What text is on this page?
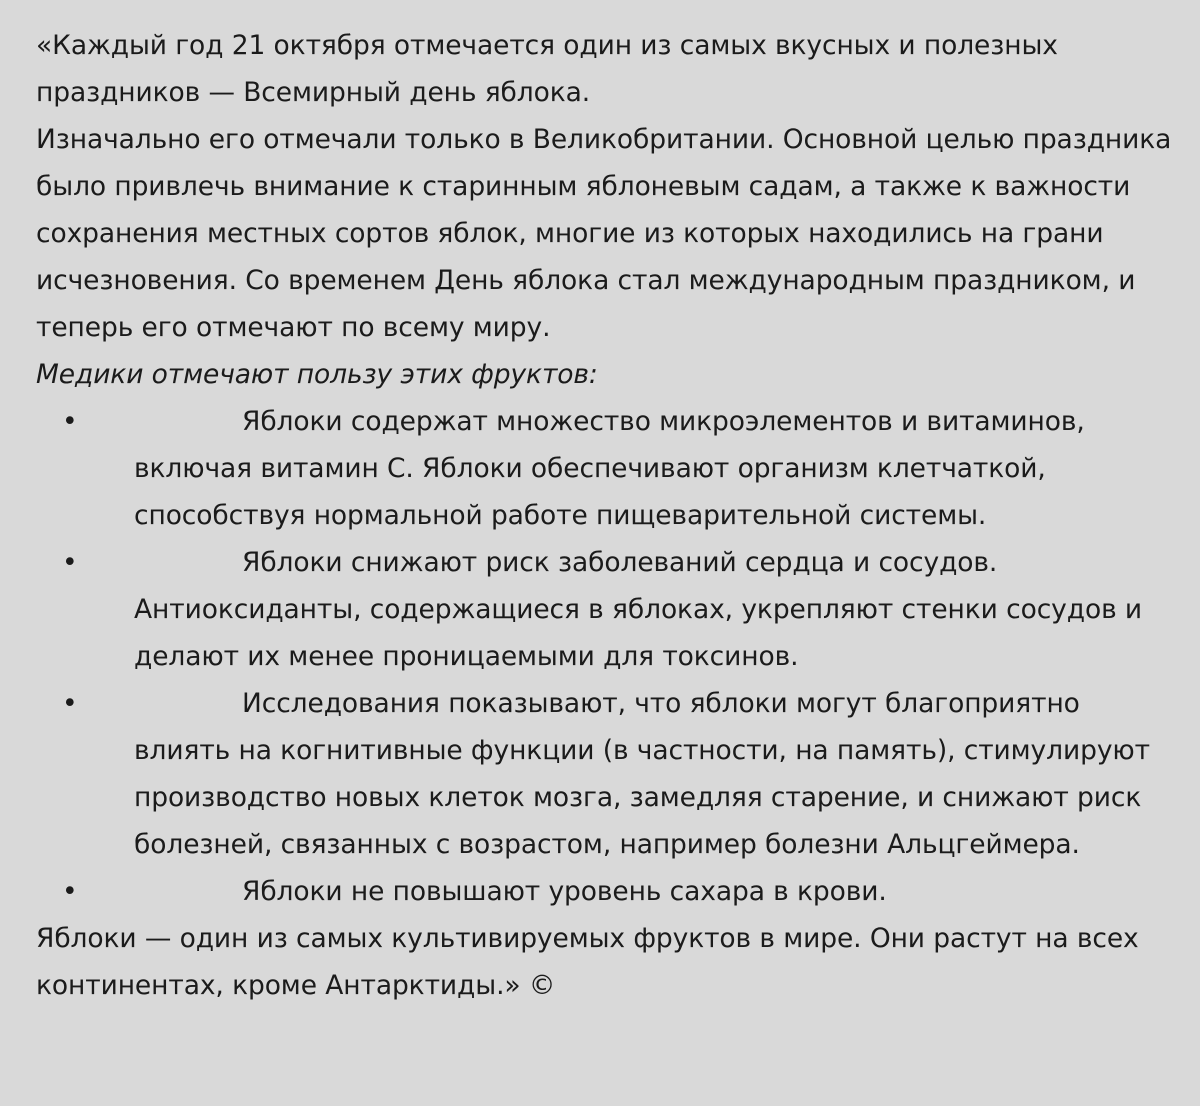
«Каждый год 21 октября отмечается один из самых вкусных и полезных праздников — Всемирный день яблока.

Изначально его отмечали только в Великобритании. Основной целью праздника было привлечь внимание к старинным яблоневым садам, а также к важности сохранения местных сортов яблок, многие из которых находились на грани исчезновения. Со временем День яблока стал международным праздником, и теперь его отмечают по всему миру.

Медики отмечают пользу этих фруктов:

•	Яблоки содержат множество микроэлементов и витаминов, включая витамин С. Яблоки обеспечивают организм клетчаткой, способствуя нормальной работе пищеварительной системы.
•	Яблоки снижают риск заболеваний сердца и сосудов. Антиоксиданты, содержащиеся в яблоках, укрепляют стенки сосудов и делают их менее проницаемыми для токсинов.
•	Исследования показывают, что яблоки могут благоприятно влиять на когнитивные функции (в частности, на память), стимулируют производство новых клеток мозга, замедляя старение, и снижают риск болезней, связанных с возрастом, например болезни Альцгеймера.
•	Яблоки не повышают уровень сахара в крови.

Яблоки — один из самых культивируемых фруктов в мире. Они растут на всех континентах, кроме Антарктиды.» ©
